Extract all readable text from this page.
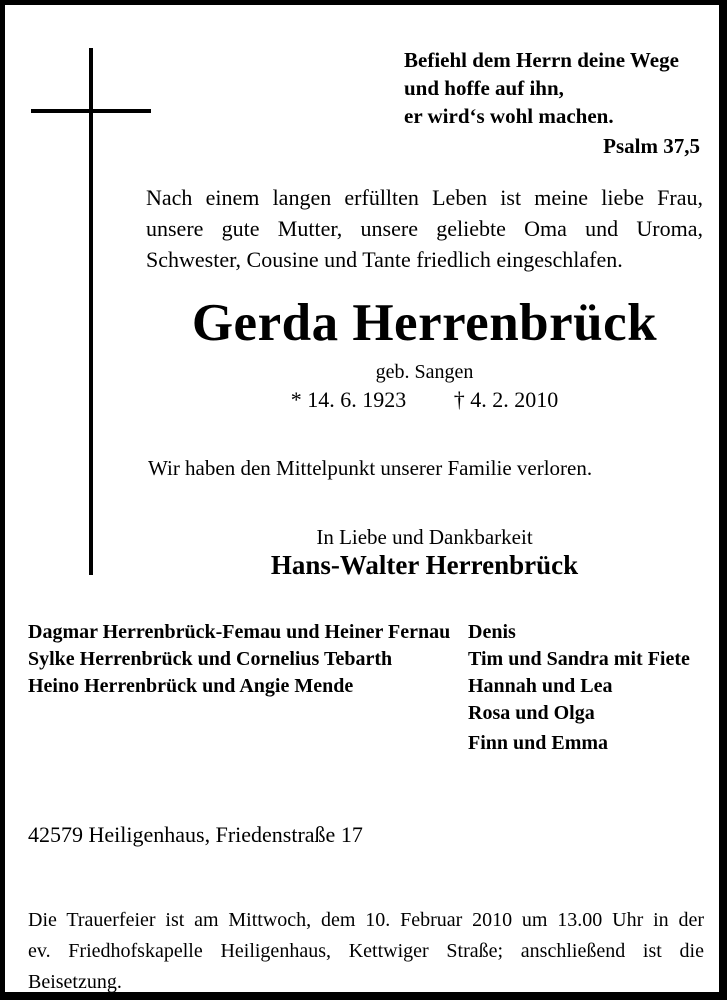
Befiehl dem Herrn deine Wege
und hoffe auf ihn,
er wird‘s wohl machen.
Psalm 37,5
Nach einem langen erfüllten Leben ist meine liebe Frau,
unsere gute Mutter, unsere geliebte Oma und Uroma,
Schwester, Cousine und Tante friedlich eingeschlafen.
Gerda Herrenbrück
geb. Sangen
* 14. 6. 1923 † 4. 2. 2010
Wir haben den Mittelpunkt unserer Familie verloren.
In Liebe und Dankbarkeit
Hans-Walter Herrenbrück
Dagmar Herrenbrück-Femau und Heiner Fernau
Sylke Herrenbrück und Cornelius Tebarth
Heino Herrenbrück und Angie Mende
Denis
Tim und Sandra mit Fiete
Hannah und Lea
Rosa und Olga
Finn und Emma
42579 Heiligenhaus, Friedenstraße 17
Die Trauerfeier ist am Mittwoch, dem 10. Februar 2010 um 13.00 Uhr in der
ev. Friedhofskapelle Heiligenhaus, Kettwiger Straße; anschließend ist die
Beisetzung.
